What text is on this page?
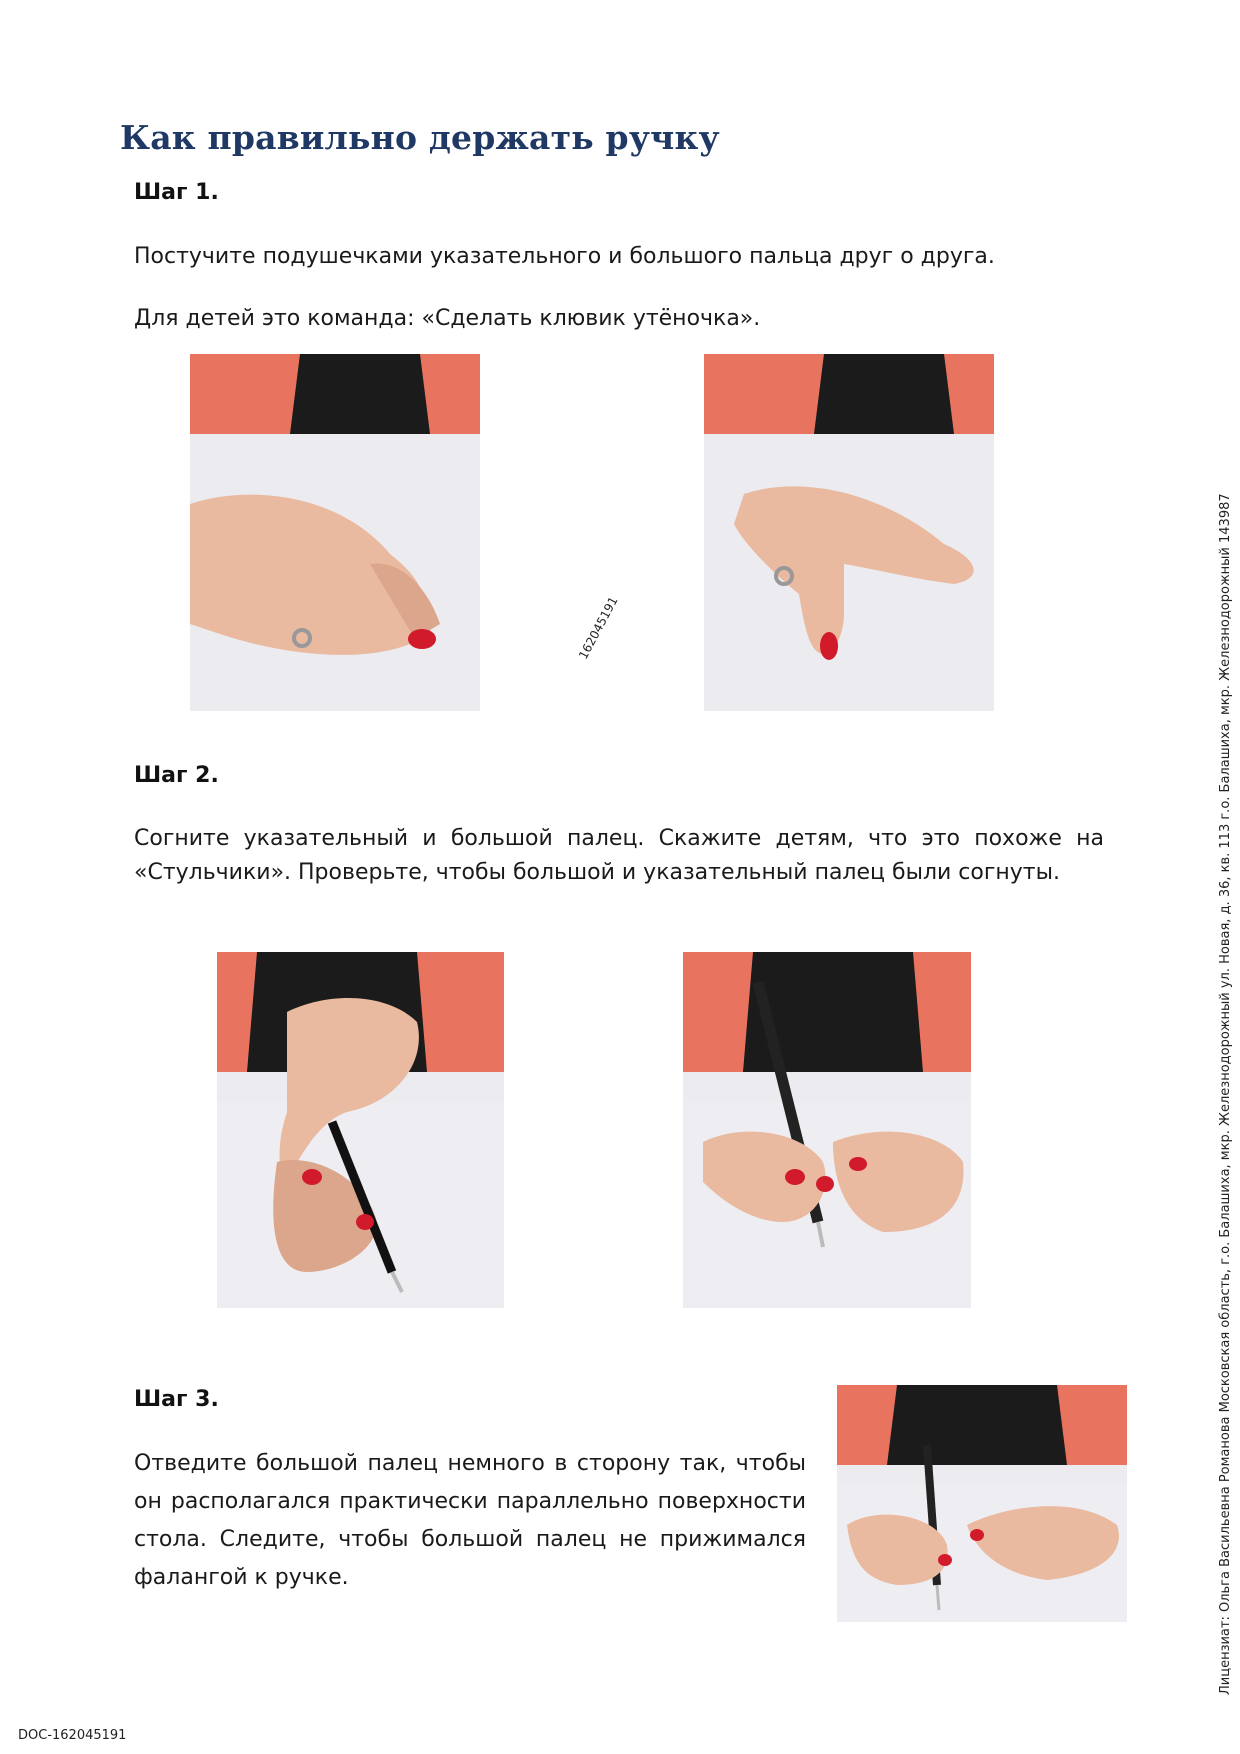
Как правильно держать ручку

Шаг 1.

Постучите подушечками указательного и большого пальца друг о друга.

Для детей это команда: «Сделать клювик утёночка».

162045191

Шаг 2.

Согните указательный и большой палец. Скажите детям, что это похоже на «Стульчики». Проверьте, чтобы большой и указательный палец были согнуты.

Шаг 3.

Отведите большой палец немного в сторону так, чтобы он располагался практически параллельно поверхности стола. Следите, чтобы большой палец не прижимался фалангой к ручке.	Лицензиат: Ольга Васильевна Романова Московская область, г.о. Балашиха, мкр. Железнодорожный ул. Новая, д. 36, кв. 113 г.о. Балашиха, мкр. Железнодорожный 143987
DOC-162045191
